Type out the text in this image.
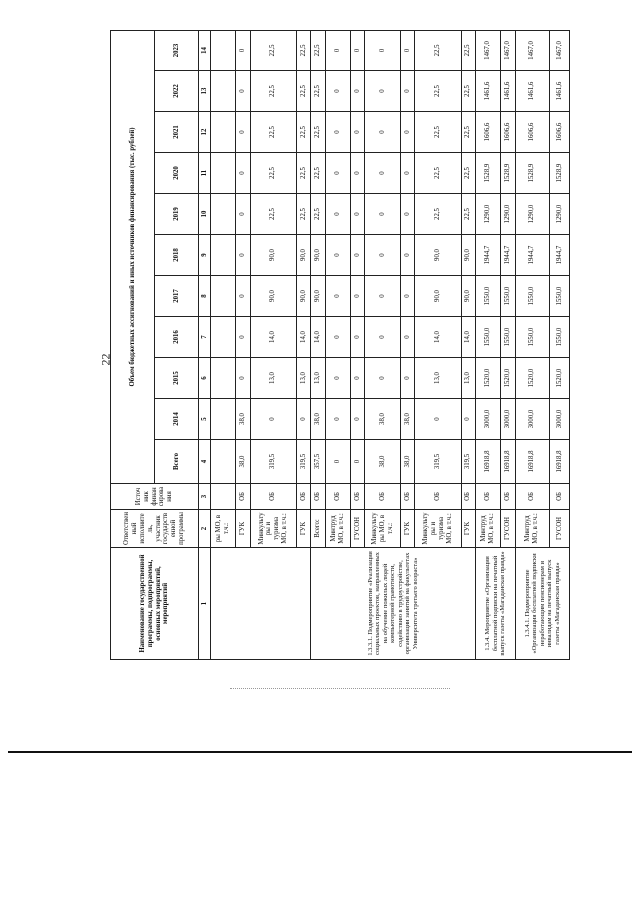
22
Наименование государственной программы, подпрограммы, основных мероприятий, мероприятий	Ответственный исполнитель, участник государственной программы	Источник финансирования	Объем бюджетных ассигнований и иных источников финансирования (тыс. рублей)										
			Всего	2014	2015	2016	2017	2018	2019	2020	2021	2022	2023
1	2	3	4	5	6	7	8	9	10	11	12	13	14
	ры МО, в т.ч.:												
	ГУК	ОБ	38,0	38,0	0	0	0	0	0	0	0	0	0
	Минкультуры и туризма МО, в т.ч.:	ОБ	319,5	0	13,0	14,0	90,0	90,0	22,5	22,5	22,5	22,5	22,5
	ГУК	ОБ	319,5	0	13,0	14,0	90,0	90,0	22,5	22,5	22,5	22,5	22,5
1.3.3.1. Подмероприятие «Реализация социальных проектов, направленных на обучение пожилых людей компьютерной грамотности, содействию в трудоустройстве, организации занятий на факультетах Университета третьего возраста»	Всего:	ОБ	357,5	38,0	13,0	14,0	90,0	90,0	22,5	22,5	22,5	22,5	22,5
	Минтруд МО, в т.ч.:	ОБ	0	0	0	0	0	0	0	0	0	0	0
	ГУСОН	ОБ	0	0	0	0	0	0	0	0	0	0	0
	Минкультуры МО, в т.ч.:	ОБ	38,0	38,0	0	0	0	0	0	0	0	0	0
	ГУК	ОБ	38,0	38,0	0	0	0	0	0	0	0	0	0
	Минкультуры и туризма МО, в т.ч.:	ОБ	319,5	0	13,0	14,0	90,0	90,0	22,5	22,5	22,5	22,5	22,5
	ГУК	ОБ	319,5	0	13,0	14,0	90,0	90,0	22,5	22,5	22,5	22,5	22,5
1.3.4. Мероприятие «Организация бесплатной подписки на печатный выпуск газеты «Магаданская правда»	Минтруд МО, в т.ч.:	ОБ	16918,8	3000,0	1520,0	1550,0	1550,0	1944,7	1290,0	1528,9	1606,6	1461,6	1467,0
	ГУСОН	ОБ	16918,8	3000,0	1520,0	1550,0	1550,0	1944,7	1290,0	1528,9	1606,6	1461,6	1467,0
1.3.4.1. Подмероприятие «Организация бесплатной подписки неработающим пенсионерам и инвалидам на печатный выпуск газеты «Магаданская правда»	Минтруд МО, в т.ч.:	ОБ	16918,8	3000,0	1520,0	1550,0	1550,0	1944,7	1290,0	1528,9	1606,6	1461,6	1467,0
	ГУСОН	ОБ	16918,8	3000,0	1520,0	1550,0	1550,0	1944,7	1290,0	1528,9	1606,6	1461,6	1467,0
